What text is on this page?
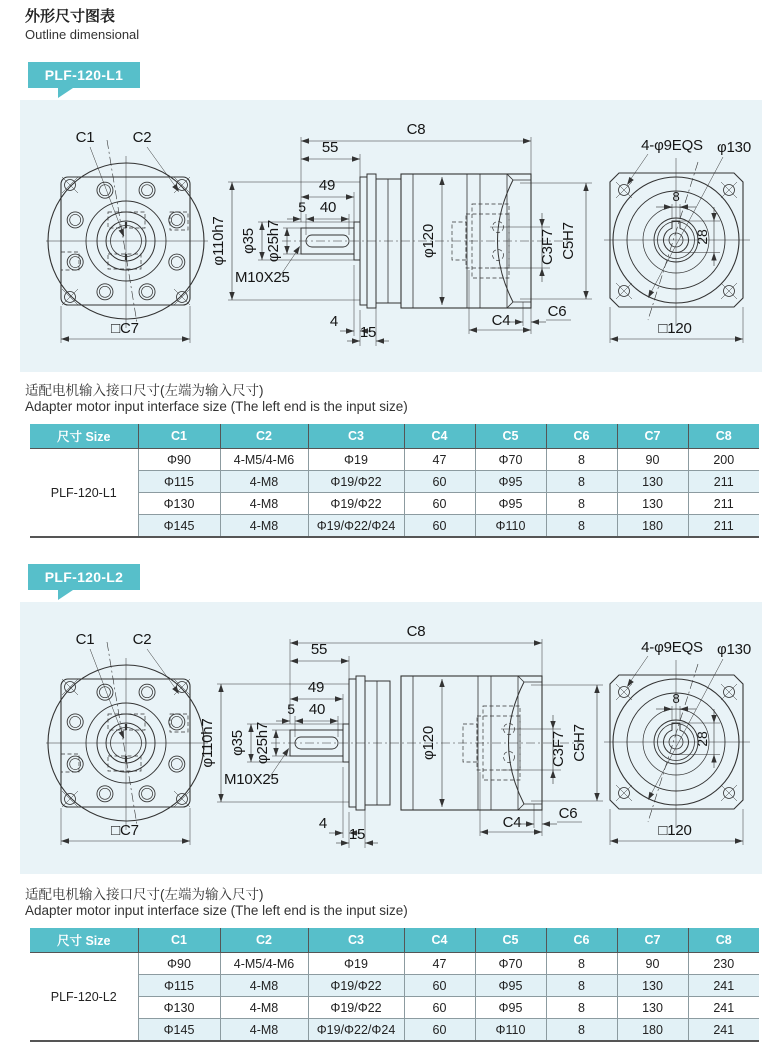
外形尺寸图表
Outline dimensional
PLF-120-L1
C1	C2
□C7
C8
55
49
5 40
φ35 φ25h7
M10X25
φ110h7	φ120
4
15
C4
C6
C3F7 C5H7
8
28
□120
4-φ9EQS φ130
适配电机输入接口尺寸(左端为输入尺寸)
Adapter motor input interface size (The left end is the input size)
尺寸 Size	C1	C2	C3	C4	C5	C6	C7	C8
PLF-120-L1	Φ90	4-M5/4-M6	Φ19	47	Φ70	8	90	200
	Φ115	4-M8	Φ19/Φ22	60	Φ95	8	130	211
	Φ130	4-M8	Φ19/Φ22	60	Φ95	8	130	211
	Φ145	4-M8	Φ19/Φ22/Φ24	60	Φ110	8	180	211
PLF-120-L2
C1	C2
□C7
C8
55
49
5 40
φ35 φ25h7
M10X25
φ110h7	φ120
4
15
C4
C6
C3F7 C5H7
8
28
□120
4-φ9EQS φ130
适配电机输入接口尺寸(左端为输入尺寸)
Adapter motor input interface size (The left end is the input size)
尺寸 Size	C1	C2	C3	C4	C5	C6	C7	C8
PLF-120-L2	Φ90	4-M5/4-M6	Φ19	47	Φ70	8	90	230
	Φ115	4-M8	Φ19/Φ22	60	Φ95	8	130	241
	Φ130	4-M8	Φ19/Φ22	60	Φ95	8	130	241
	Φ145	4-M8	Φ19/Φ22/Φ24	60	Φ110	8	180	241
